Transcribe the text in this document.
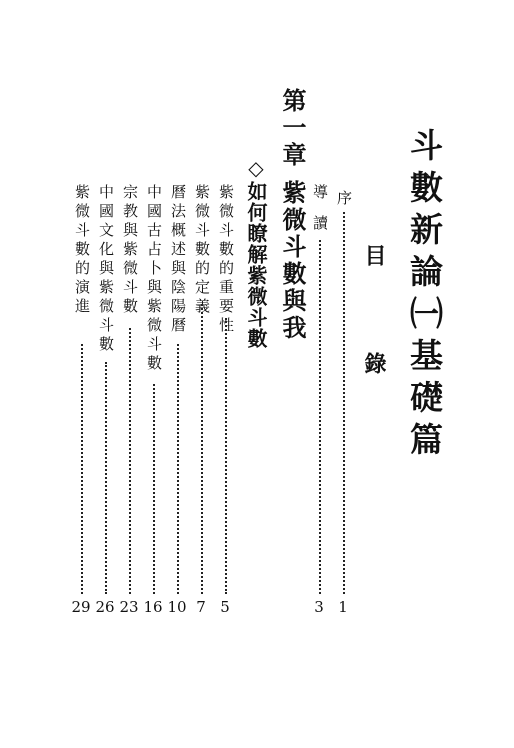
斗數新論㈠基礎篇
目錄
序
1
導讀
3
第一章
紫微斗數與我
◇如何瞭解紫微斗數
紫微斗數的重要性
5
紫微斗數的定義
7
曆法概述與陰陽曆
10
中國古占卜與紫微斗數
16
宗教與紫微斗數
23
中國文化與紫微斗數
26
紫微斗數的演進
29
